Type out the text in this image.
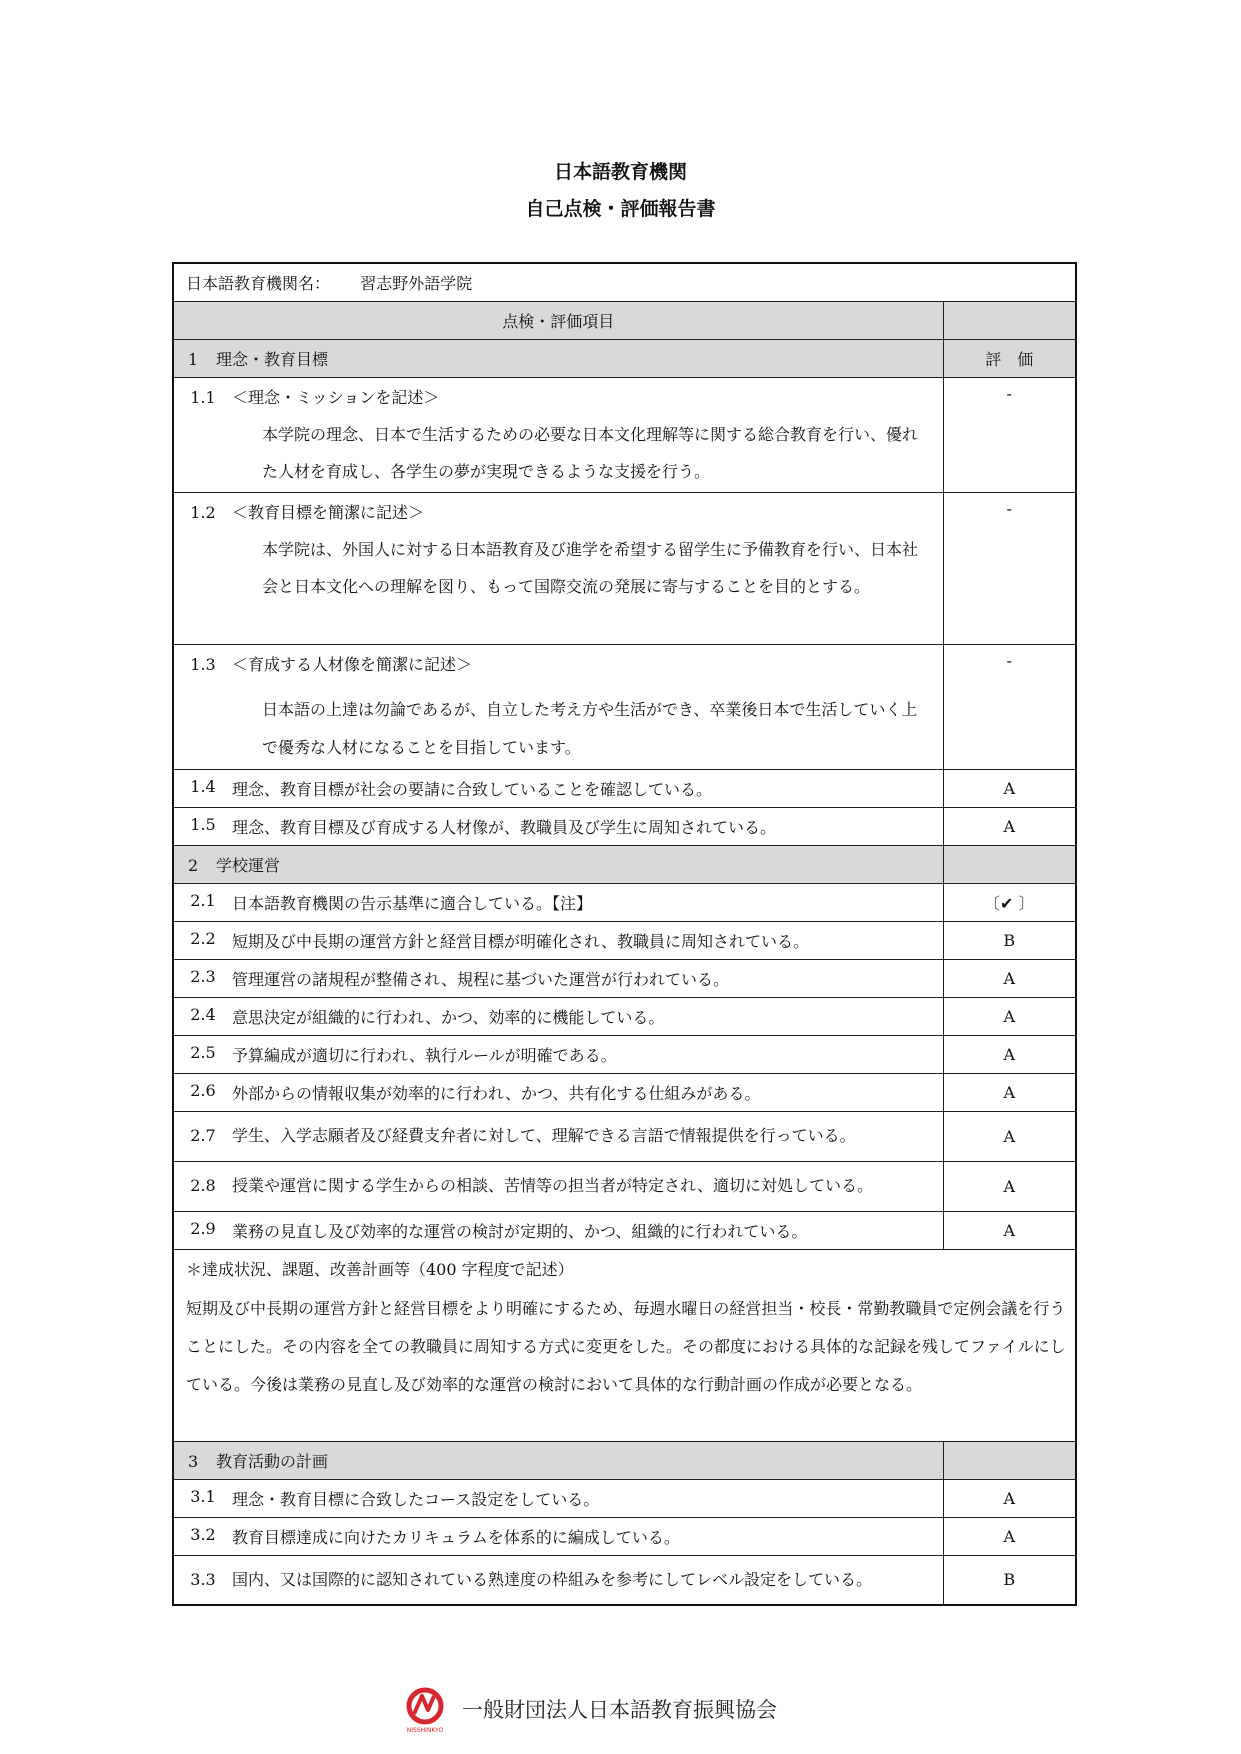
日本語教育機関
自己点検・評価報告書
日本語教育機関名： 習志野外語学院	
点検・評価項目	
1 理念・教育目標	評　価

1.1 ＜理念・ミッションを記述＞
本学院の理念、日本で生活するための必要な日本文化理解等に関する総合教育を行い、優れた人材を育成し、各学生の夢が実現できるような支援を行う。	-

1.2 ＜教育目標を簡潔に記述＞
本学院は、外国人に対する日本語教育及び進学を希望する留学生に予備教育を行い、日本社会と日本文化への理解を図り、もって国際交流の発展に寄与することを目的とする。	-

1.3 ＜育成する人材像を簡潔に記述＞
日本語の上達は勿論であるが、自立した考え方や生活ができ、卒業後日本で生活していく上で優秀な人材になることを目指しています。	-
1.4 理念、教育目標が社会の要請に合致していることを確認している。	A
1.5 理念、教育目標及び育成する人材像が、教職員及び学生に周知されている。	A
2 学校運営	
2.1 日本語教育機関の告示基準に適合している。【注】	〔✔ 〕
2.2 短期及び中長期の運営方針と経営目標が明確化され、教職員に周知されている。	B
2.3 管理運営の諸規程が整備され、規程に基づいた運営が行われている。	A
2.4 意思決定が組織的に行われ、かつ、効率的に機能している。	A
2.5 予算編成が適切に行われ、執行ルールが明確である。	A
2.6 外部からの情報収集が効率的に行われ、かつ、共有化する仕組みがある。	A
2.7 学生、入学志願者及び経費支弁者に対して、理解できる言語で情報提供を行っている。	A
2.8 授業や運営に関する学生からの相談、苦情等の担当者が特定され、適切に対処している。	A
2.9 業務の見直し及び効率的な運営の検討が定期的、かつ、組織的に行われている。	A

＊達成状況、課題、改善計画等（400 字程度で記述）
短期及び中長期の運営方針と経営目標をより明確にするため、毎週水曜日の経営担当・校長・常勤教職員で定例会議を行うことにした。その内容を全ての教職員に周知する方式に変更をした。その都度における具体的な記録を残してファイルにしている。今後は業務の見直し及び効率的な運営の検討において具体的な行動計画の作成が必要となる。	

3 教育活動の計画	
3.1 理念・教育目標に合致したコース設定をしている。	A
3.2 教育目標達成に向けたカリキュラムを体系的に編成している。	A
3.3 国内、又は国際的に認知されている熟達度の枠組みを参考にしてレベル設定をしている。	B
NISSHINKYO
一般財団法人日本語教育振興協会
